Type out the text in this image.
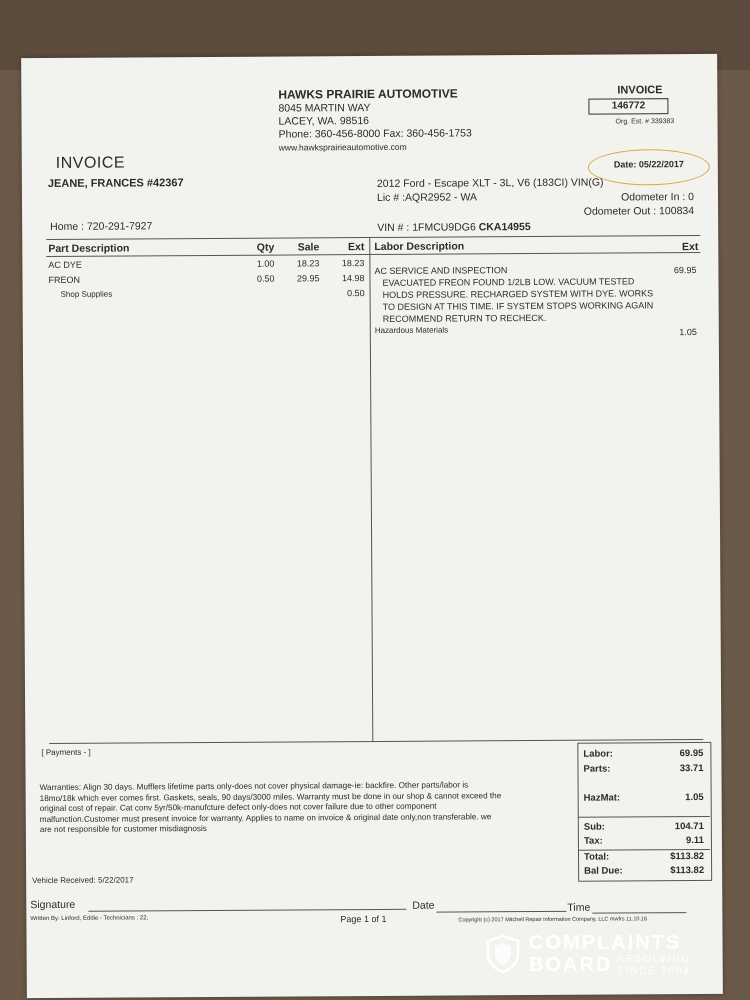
HAWKS PRAIRIE AUTOMOTIVE
8045 MARTIN WAY
LACEY, WA. 98516
Phone: 360-456-8000 Fax: 360-456-1753
www.hawksprairieautomotive.com
INVOICE
146772
Org. Est. # 339383
INVOICE	Date: 05/22/2017
JEANE, FRANCES #42367
Home : 720-291-7927
2012 Ford - Escape XLT - 3L, V6 (183CI) VIN(G)
Lic # :AQR2952 - WA	Odometer In : 0
Odometer Out : 100834
VIN # : 1FMCU9DG6 CKA14955
Part Description	Qty	Sale	Ext
AC DYE	1.00	18.23	18.23
FREON	0.50	29.95	14.98
Shop Supplies	0.50
Labor Description	Ext
AC SERVICE AND INSPECTION	69.95
EVACUATED FREON FOUND 1/2LB LOW. VACUUM TESTED
HOLDS PRESSURE. RECHARGED SYSTEM WITH DYE. WORKS
TO DESIGN AT THIS TIME. IF SYSTEM STOPS WORKING AGAIN
RECOMMEND RETURN TO RECHECK.
Hazardous Materials	1.05
[ Payments - ]
Warranties: Align 30 days. Mufflers lifetime parts only-does not cover physical damage-ie: backfire. Other parts/labor is
18mo/18k which ever comes first. Gaskets, seals, 90 days/3000 miles. Warranty must be done in our shop & cannot exceed the
original cost of repair. Cat conv 5yr/50k-manufcture defect only-does not cover failure due to other component
malfunction.Customer must present invoice for warranty. Applies to name on invoice & original date only,non transferable. we
are not responsible for customer misdiagnosis
Labor:	69.95
Parts:	33.71
HazMat:	1.05
Sub:	104.71
Tax:	9.11
Total:	$113.82
Bal Due:	$113.82
Vehicle Received: 5/22/2017
Signature	Date	Time
Written By: Linford, Eddie - Technicians : 22,	Page 1 of 1	Copyright (c) 2017 Mitchell Repair Information Company, LLC mwfrs 11.10.16
COMPLAINTS
BOARD RESOLVING
SINCE 2004
